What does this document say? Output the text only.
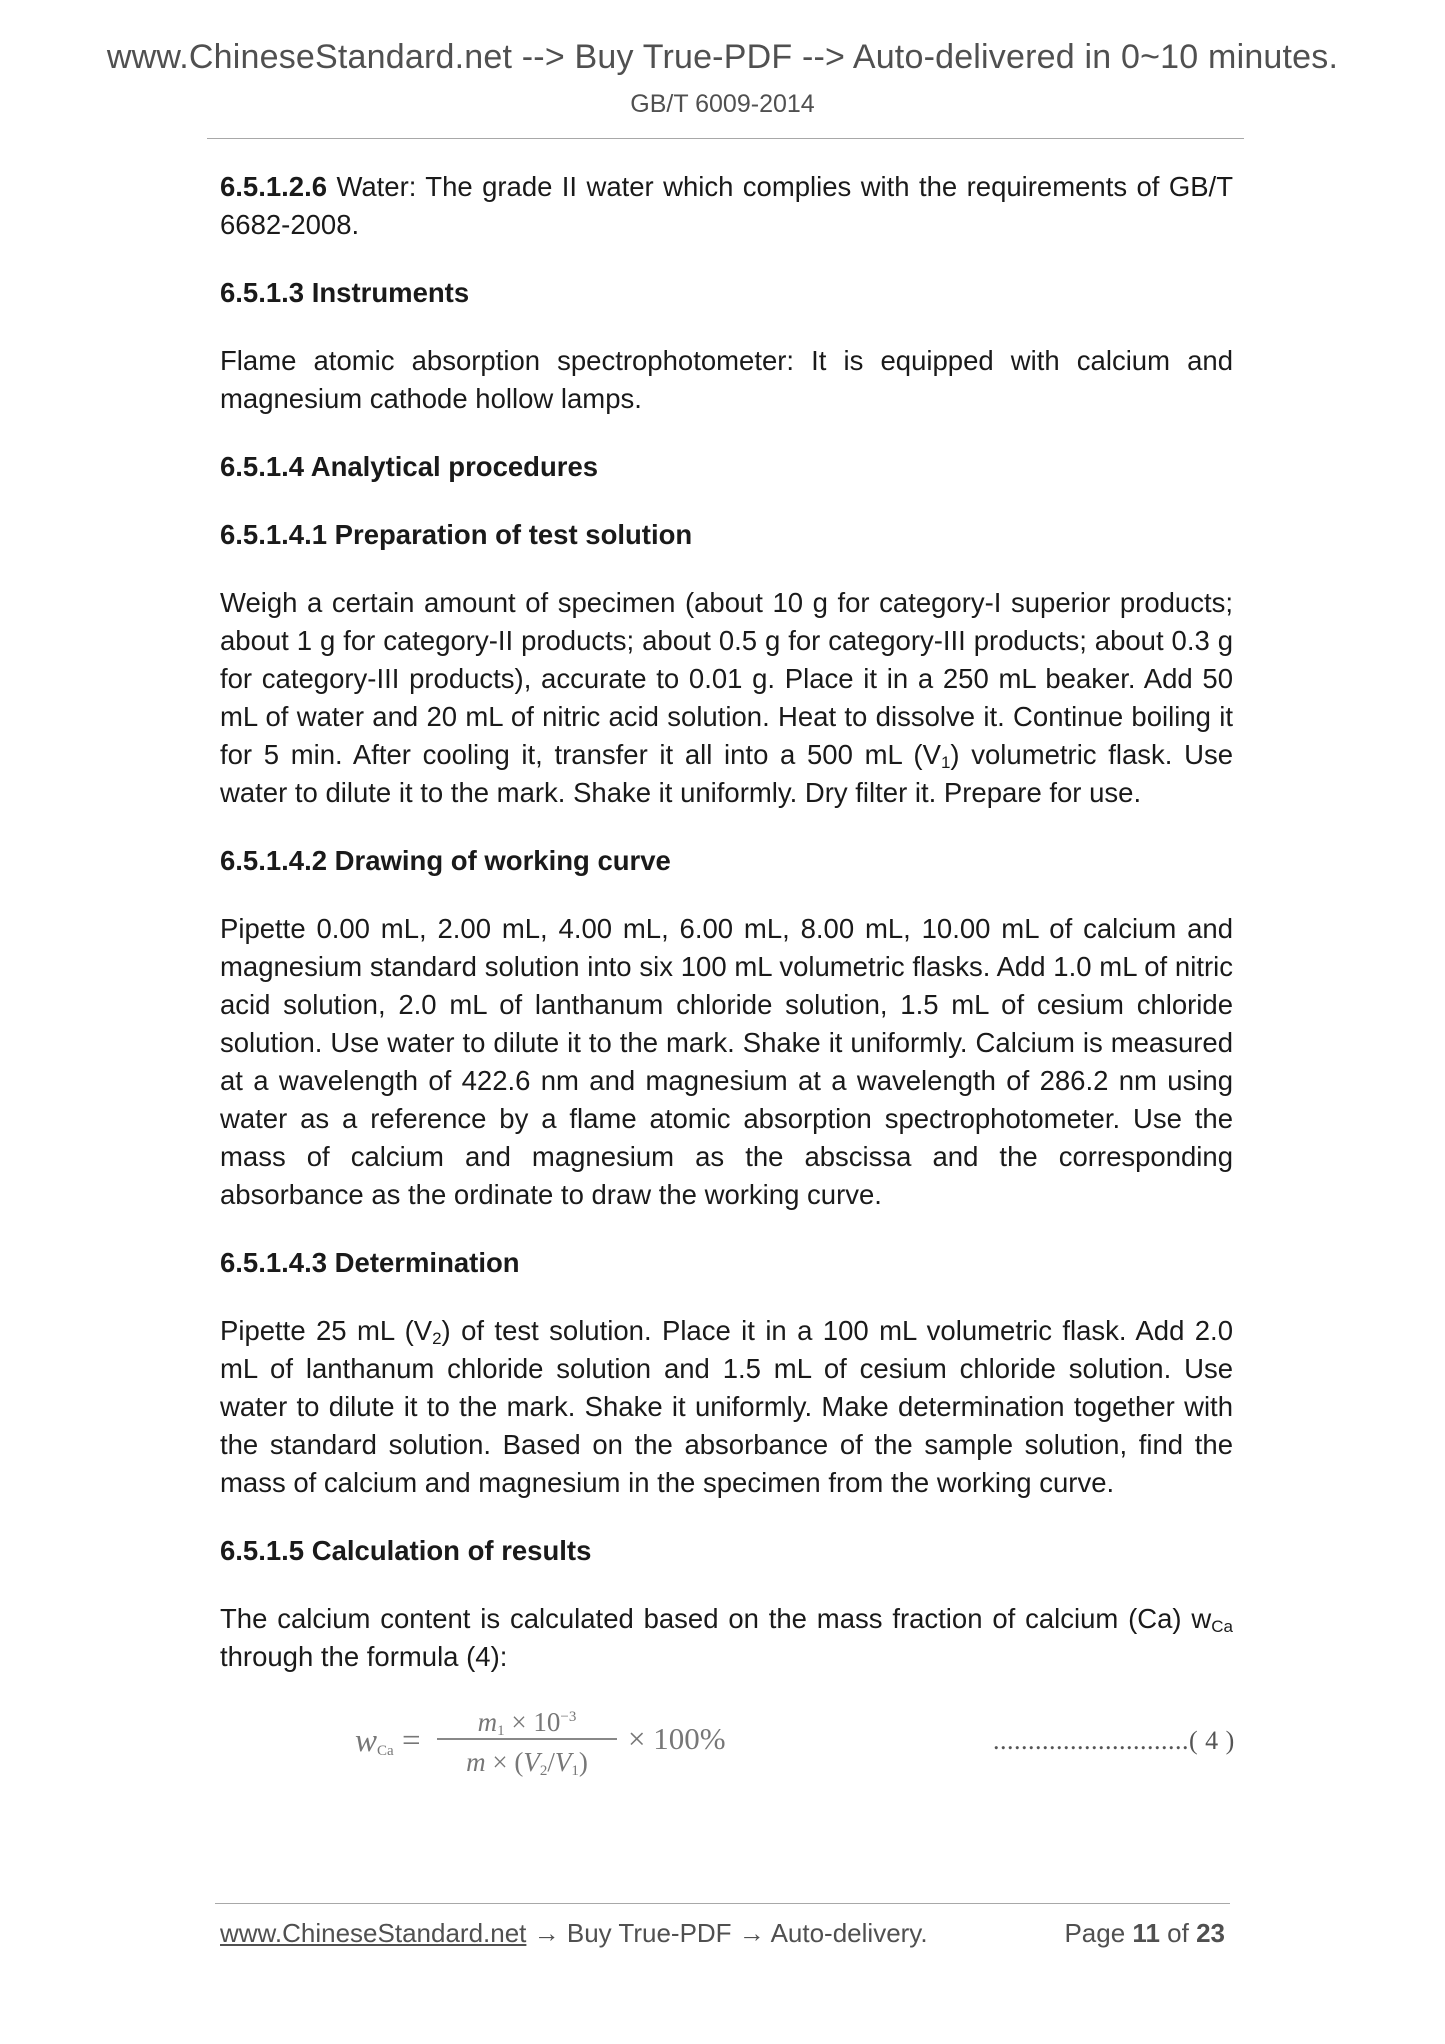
www.ChineseStandard.net --> Buy True-PDF --> Auto-delivered in 0~10 minutes.
GB/T 6009-2014

6.5.1.2.6 Water: The grade II water which complies with the requirements of GB/T 6682-2008.

6.5.1.3 Instruments

Flame atomic absorption spectrophotometer: It is equipped with calcium and magnesium cathode hollow lamps.

6.5.1.4 Analytical procedures
6.5.1.4.1 Preparation of test solution

Weigh a certain amount of specimen (about 10 g for category-I superior products; about 1 g for category-II products; about 0.5 g for category-III products; about 0.3 g for category-III products), accurate to 0.01 g. Place it in a 250 mL beaker. Add 50 mL of water and 20 mL of nitric acid solution. Heat to dissolve it. Continue boiling it for 5 min. After cooling it, transfer it all into a 500 mL $(V_1)$ volumetric flask. Use water to dilute it to the mark. Shake it uniformly. Dry filter it. Prepare for use.

6.5.1.4.2 Drawing of working curve

Pipette 0.00 mL, 2.00 mL, 4.00 mL, 6.00 mL, 8.00 mL, 10.00 mL of calcium and magnesium standard solution into six 100 mL volumetric flasks. Add 1.0 mL of nitric acid solution, 2.0 mL of lanthanum chloride solution, 1.5 mL of cesium chloride solution. Use water to dilute it to the mark. Shake it uniformly. Calcium is measured at a wavelength of 422.6 nm and magnesium at a wavelength of 286.2 nm using water as a reference by a flame atomic absorption spectrophotometer. Use the mass of calcium and magnesium as the abscissa and the corresponding absorbance as the ordinate to draw the working curve.

6.5.1.4.3 Determination

Pipette 25 mL $(V_2)$ of test solution. Place it in a 100 mL volumetric flask. Add 2.0 mL of lanthanum chloride solution and 1.5 mL of cesium chloride solution. Use water to dilute it to the mark. Shake it uniformly. Make determination together with the standard solution. Based on the absorbance of the sample solution, find the mass of calcium and magnesium in the specimen from the working curve.

6.5.1.5 Calculation of results

The calcium content is calculated based on the mass fraction of calcium (Ca) $w_{Ca}$ through the formula (4):

$w_{Ca}$ =
$m_1 \times 10^{-3}$
$m \times (V_2/V_1)$
× 100%	............................( 4 )
www.ChineseStandard.net → Buy True-PDF → Auto-delivery.	Page 11 of 23
